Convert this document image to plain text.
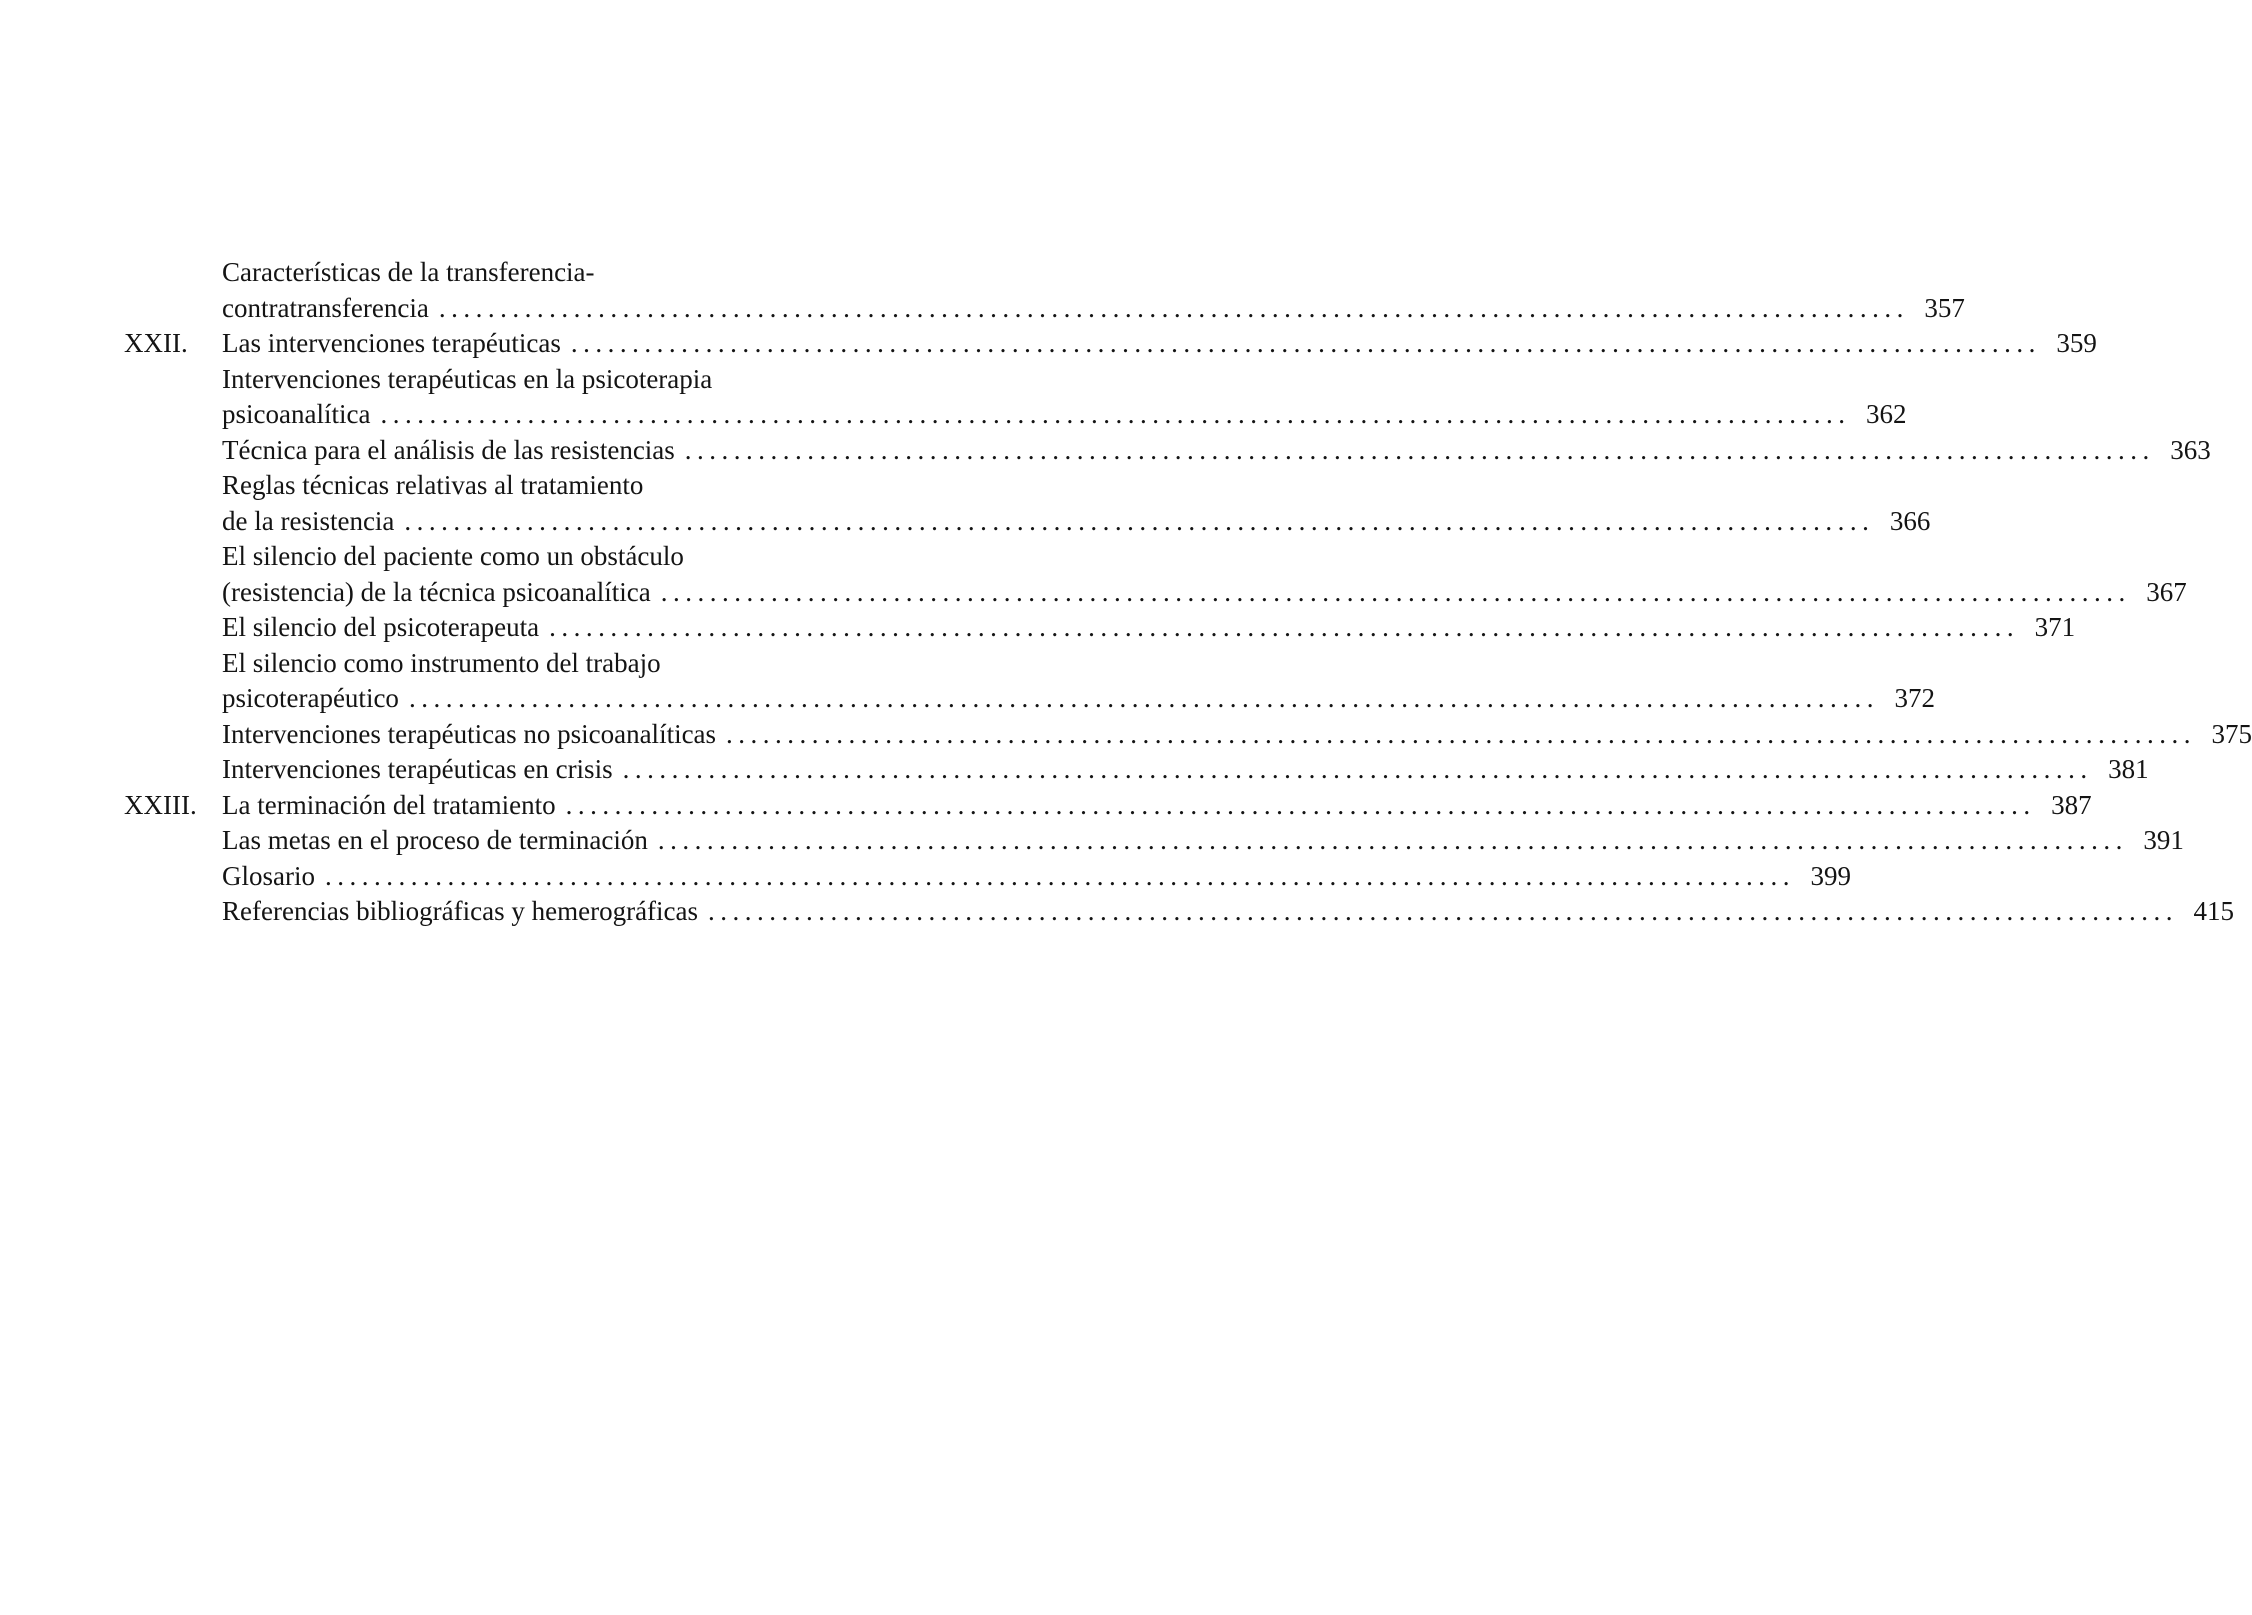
Características de la transferencia-
contratransferencia ........................................................................................................................ 357
XXII. Las intervenciones terapéuticas ........................................................................................................................ 359
Intervenciones terapéuticas en la psicoterapia
psicoanalítica ........................................................................................................................ 362
Técnica para el análisis de las resistencias ........................................................................................................................ 363
Reglas técnicas relativas al tratamiento
de la resistencia ........................................................................................................................ 366
El silencio del paciente como un obstáculo
(resistencia) de la técnica psicoanalítica ........................................................................................................................ 367
El silencio del psicoterapeuta ........................................................................................................................ 371
El silencio como instrumento del trabajo
psicoterapéutico ........................................................................................................................ 372
Intervenciones terapéuticas no psicoanalíticas ........................................................................................................................ 375
Intervenciones terapéuticas en crisis ........................................................................................................................ 381
XXIII. La terminación del tratamiento ........................................................................................................................ 387
Las metas en el proceso de terminación ........................................................................................................................ 391
Glosario ........................................................................................................................ 399
Referencias bibliográficas y hemerográficas ........................................................................................................................ 415
